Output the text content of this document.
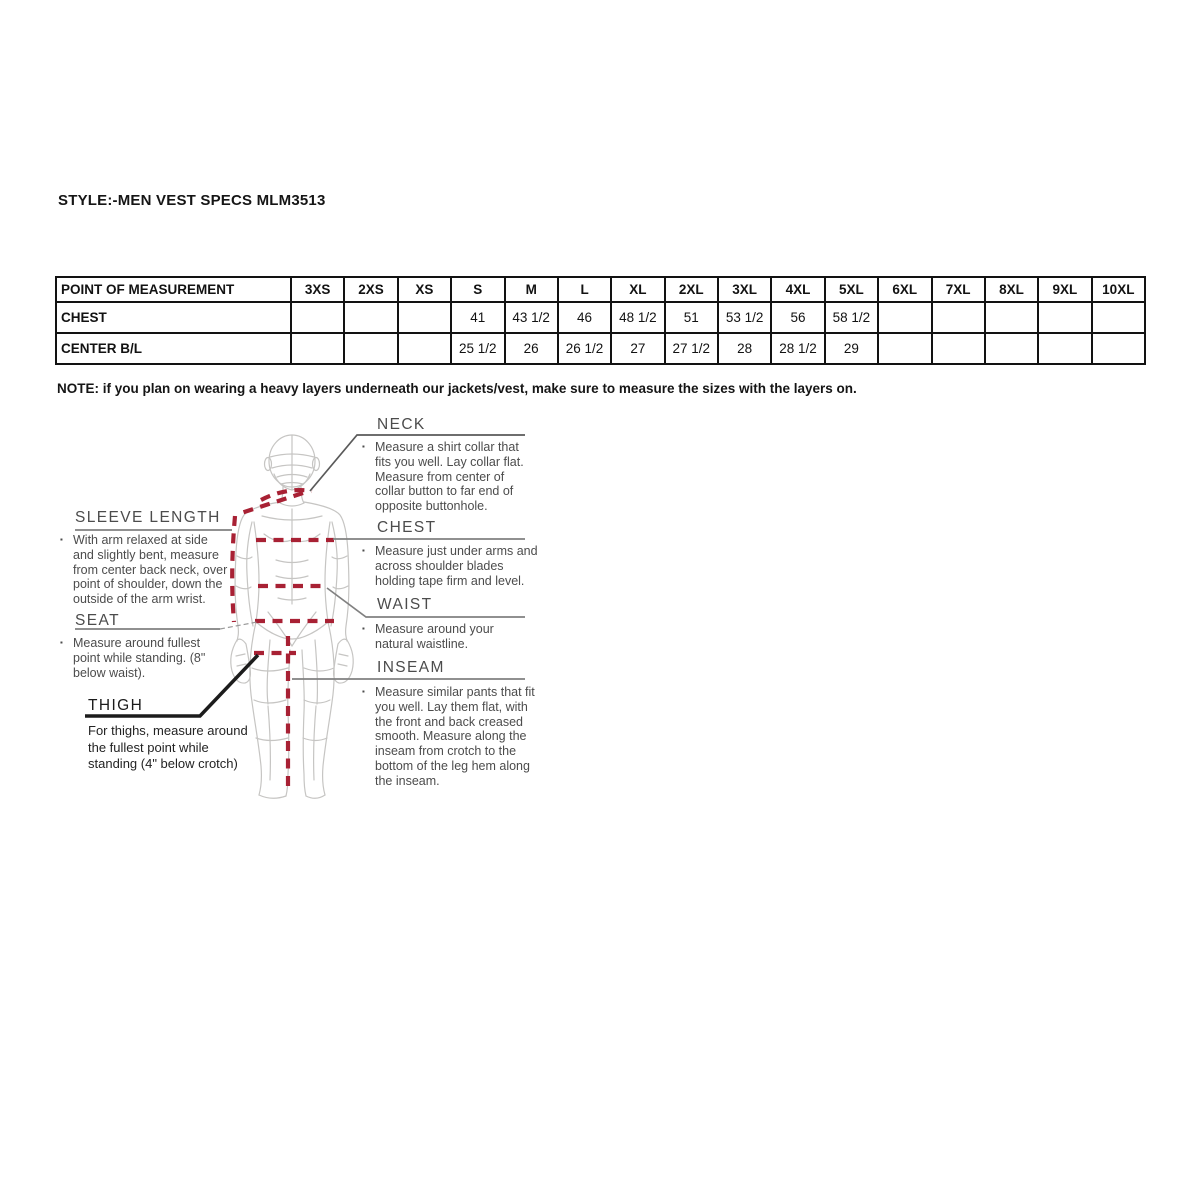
STYLE:-MEN VEST SPECS MLM3513
POINT OF MEASUREMENT	3XS	2XS	XS	S	M	L	XL	2XL	3XL	4XL	5XL	6XL	7XL	8XL	9XL	10XL
CHEST				41	43 1/2	46	48 1/2	51	53 1/2	56	58 1/2					
CENTER B/L				25 1/2	26	26 1/2	27	27 1/2	28	28 1/2	29					
NOTE: if you plan on wearing a heavy layers underneath our jackets/vest, make sure to measure the sizes with the layers on.
NECK
▪ Measure a shirt collar that fits you well. Lay collar flat. Measure from center of collar button to far end of opposite buttonhole.
CHEST
▪ Measure just under arms and across shoulder blades holding tape firm and level.
WAIST
▪ Measure around your natural waistline.
INSEAM
▪ Measure similar pants that fit you well. Lay them flat, with the front and back creased smooth. Measure along the inseam from crotch to the bottom of the leg hem along the inseam.
SLEEVE LENGTH
▪ With arm relaxed at side and slightly bent, measure from center back neck, over point of shoulder, down the outside of the arm wrist.
SEAT
▪ Measure around fullest point while standing. (8" below waist).
THIGH
For thighs, measure around the fullest point while standing (4" below crotch)
